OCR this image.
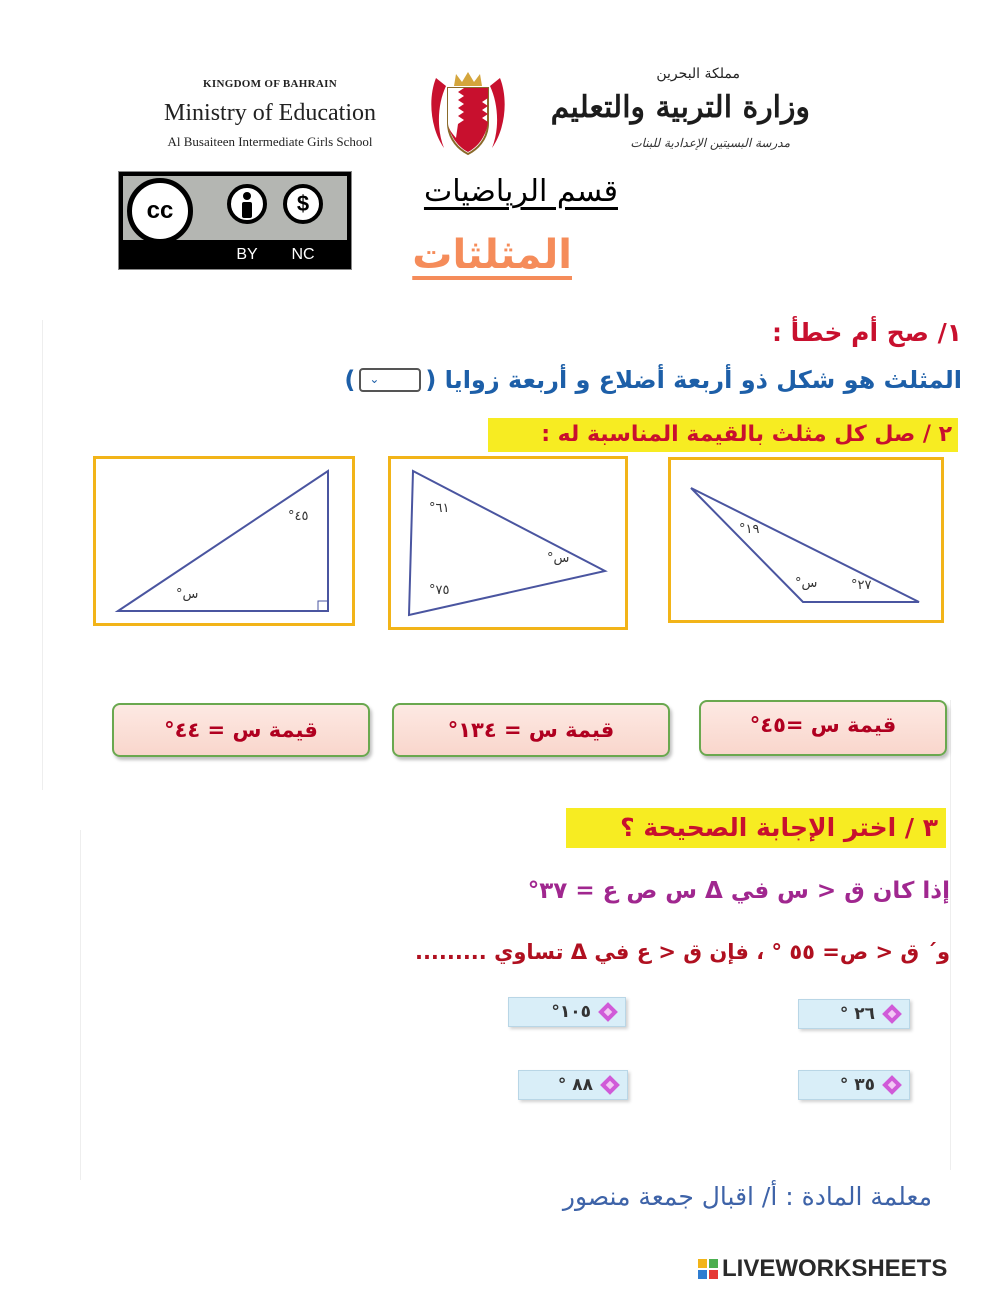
KINGDOM OF BAHRAIN
Ministry of Education
Al Busaiteen Intermediate Girls School
مملكة البحرين
وزارة التربية والتعليم
مدرسة البسيتين الإعدادية للبنات
cc	$
BY	NC
قسم الرياضيات
المثلثات
١/ صح أم خطأ :
المثلث هو شكل ذو أربعة أضلاع و أربعة زوايا (
⌄
)
٢ / صل كل مثلث بالقيمة المناسبة له :
٤٥°
س°
٦١°
٧٥°
س°
١٩°
س°	٢٧°
قيمة س = ٤٤°	قيمة س = ١٣٤°	قيمة س =٤٥°
٣ / اختر الإجابة الصحيحة ؟
إذا كان ق < س في Δ س ص ع = ٣٧°
و´ ق < ص= ٥٥ ° ، فإن ق < ع في Δ تساوي .........
١٠٥°	٢٦ °
٨٨ °	٣٥ °
معلمة المادة : أ/ اقبال جمعة منصور
LIVEWORKSHEETS
